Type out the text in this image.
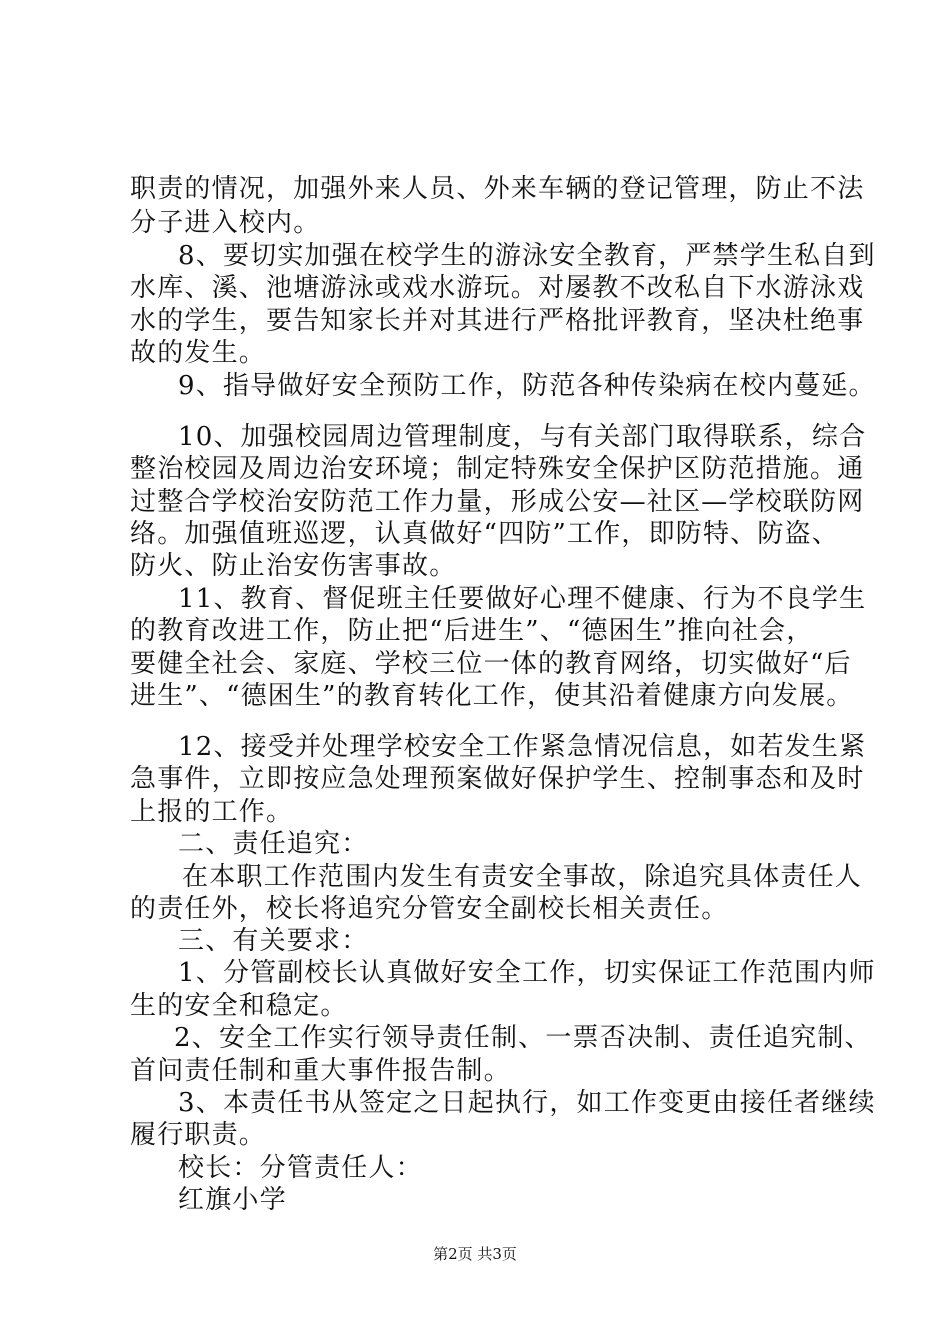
职责的情况，加强外来人员、外来车辆的登记管理，防止不法
分子进入校内。
8、要切实加强在校学生的游泳安全教育，严禁学生私自到
水库、溪、池塘游泳或戏水游玩。对屡教不改私自下水游泳戏
水的学生，要告知家长并对其进行严格批评教育，坚决杜绝事
故的发生。
9、指导做好安全预防工作，防范各种传染病在校内蔓延。
10、加强校园周边管理制度，与有关部门取得联系，综合
整治校园及周边治安环境；制定特殊安全保护区防范措施。通
过整合学校治安防范工作力量，形成公安—社区—学校联防网
络。加强值班巡逻，认真做好“四防”工作，即防特、防盗、
防火、防止治安伤害事故。
11、教育、督促班主任要做好心理不健康、行为不良学生
的教育改进工作，防止把“后进生”、“德困生”推向社会，
要健全社会、家庭、学校三位一体的教育网络，切实做好“后
进生”、“德困生”的教育转化工作，使其沿着健康方向发展。
12、接受并处理学校安全工作紧急情况信息，如若发生紧
急事件，立即按应急处理预案做好保护学生、控制事态和及时
上报的工作。
二、责任追究：
在本职工作范围内发生有责安全事故，除追究具体责任人
的责任外，校长将追究分管安全副校长相关责任。
三、有关要求：
1、分管副校长认真做好安全工作，切实保证工作范围内师
生的安全和稳定。
2、安全工作实行领导责任制、一票否决制、责任追究制、
首问责任制和重大事件报告制。
3、本责任书从签定之日起执行，如工作变更由接任者继续
履行职责。
校长：分管责任人：
红旗小学
第2页 共3页
